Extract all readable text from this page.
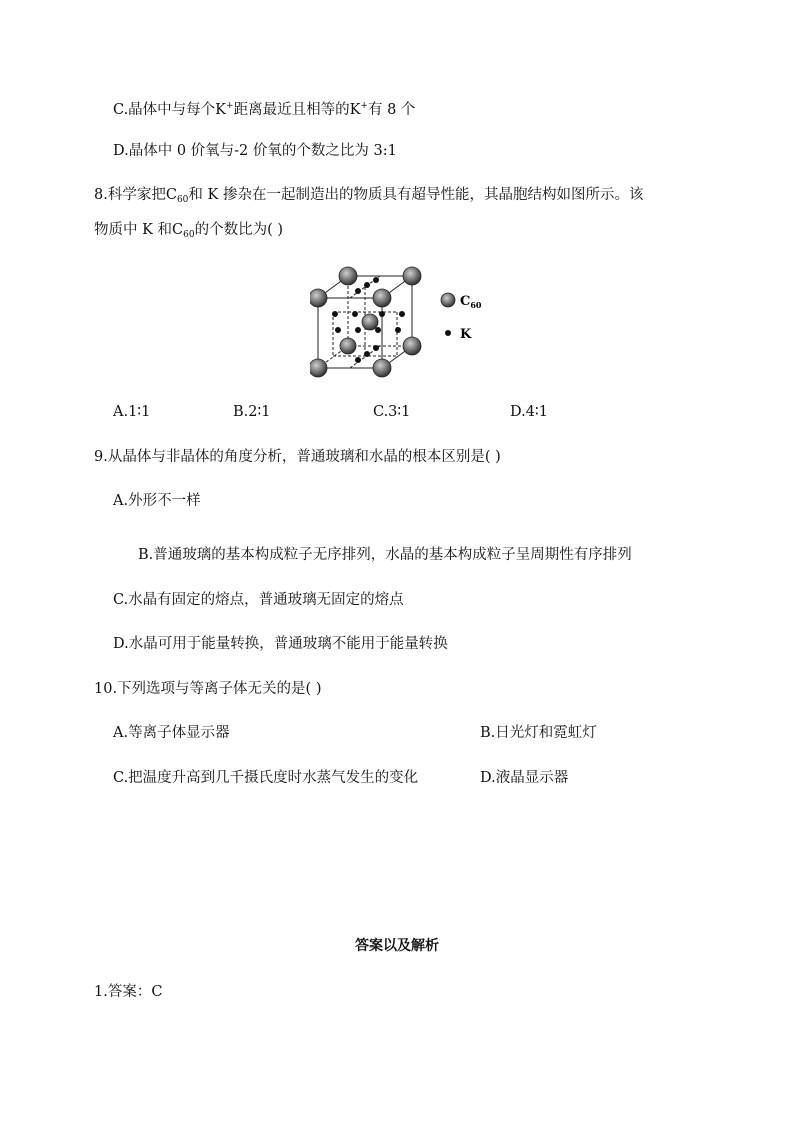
C.晶体中与每个K+距离最近且相等的K+有 8 个
D.晶体中 0 价氧与-2 价氧的个数之比为 3:1
8.科学家把$C_{60}$和 K 掺杂在一起制造出的物质具有超导性能，其晶胞结构如图所示。该
物质中 K 和$C_{60}$的个数比为( )
$C_{60}$
K
A.1∶1	B.2∶1	C.3∶1	D.4∶1
9.从晶体与非晶体的角度分析，普通玻璃和水晶的根本区别是( )
A.外形不一样
B.普通玻璃的基本构成粒子无序排列，水晶的基本构成粒子呈周期性有序排列
C.水晶有固定的熔点，普通玻璃无固定的熔点
D.水晶可用于能量转换，普通玻璃不能用于能量转换
10.下列选项与等离子体无关的是( )
A.等离子体显示器	B.日光灯和霓虹灯
C.把温度升高到几千摄氏度时水蒸气发生的变化	D.液晶显示器
答案以及解析
1.答案：C
